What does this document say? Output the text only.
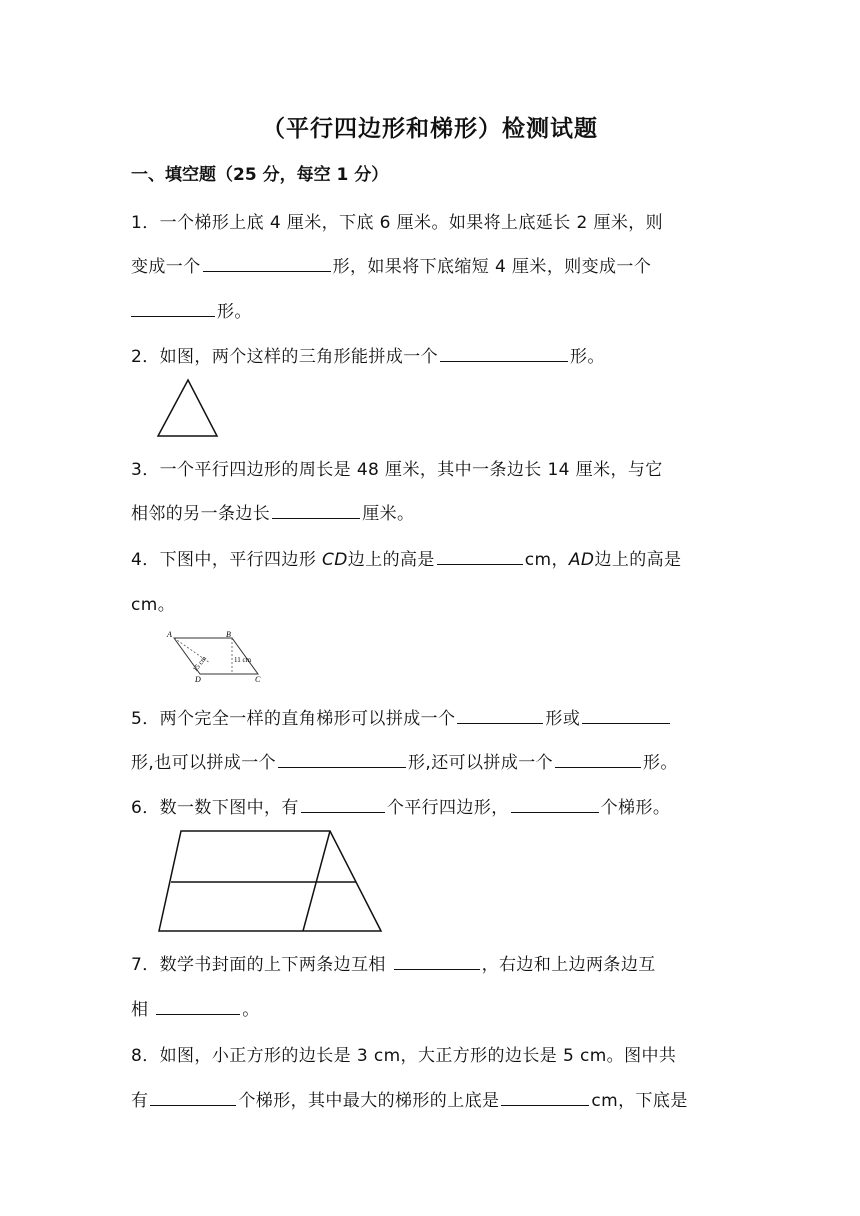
（平行四边形和梯形）检测试题
一、填空题（25 分，每空 1 分）
1．一个梯形上底 4 厘米，下底 6 厘米。如果将上底延长 2 厘米，则
变成一个	形，如果将下底缩短 4 厘米，则变成一个
形。
2．如图，两个这样的三角形能拼成一个	形。
3．一个平行四边形的周长是 48 厘米，其中一条边长 14 厘米，与它
相邻的另一条边长	厘米。
4．下图中，平行四边形 CD边上的高是	cm，AD边上的高是
cm。
A	B
C
D
15 cm	11 cm
5．两个完全一样的直角梯形可以拼成一个	形或
形,也可以拼成一个	形,还可以拼成一个	形。
6．数一数下图中，有	个平行四边形，	个梯形。
7．数学书封面的上下两条边互相	，右边和上边两条边互
相	。
8．如图，小正方形的边长是 3 cm，大正方形的边长是 5 cm。图中共
有	个梯形，其中最大的梯形的上底是	cm，下底是
